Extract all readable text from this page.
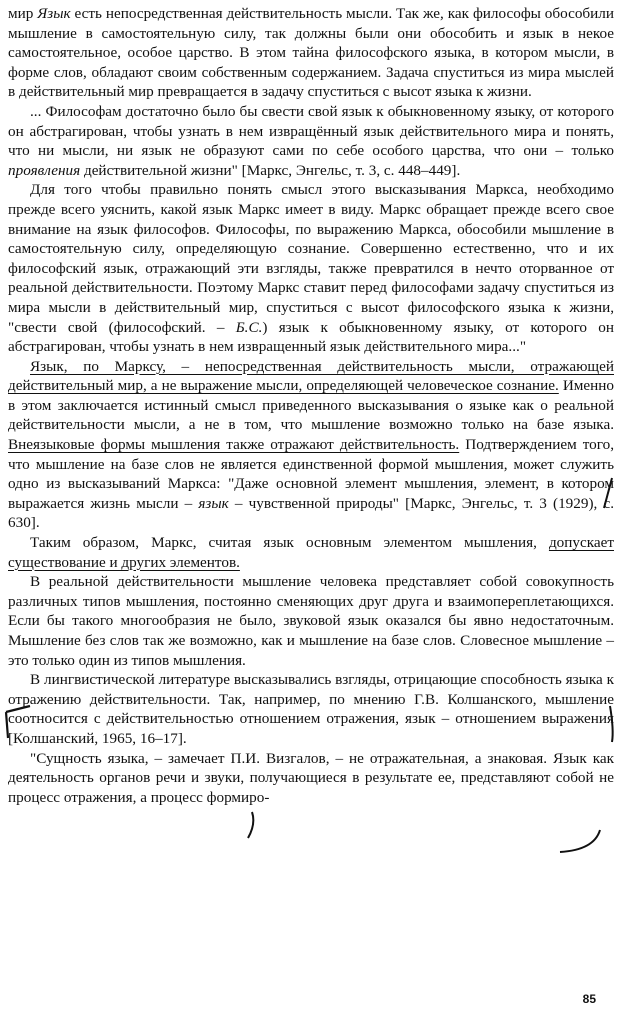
мир Язык есть непосредственная действительность мысли. Так же, как философы обособили мышление в самостоятельную силу, так должны были они обособить и язык в некое самостоятельное, особое царство. В этом тайна философского языка, в котором мысли, в форме слов, обладают своим собственным содержанием. Задача спуститься из мира мыслей в действительный мир превращается в задачу спуститься с высот языка к жизни.

... Философам достаточно было бы свести свой язык к обыкновенному языку, от которого он абстрагирован, чтобы узнать в нем извращённый язык действительного мира и понять, что ни мысли, ни язык не образуют сами по себе особого царства, что они – только проявления действительной жизни" [Маркс, Энгельс, т. 3, с. 448–449].

Для того чтобы правильно понять смысл этого высказывания Маркса, необходимо прежде всего уяснить, какой язык Маркс имеет в виду. Маркс обращает прежде всего свое внимание на язык философов. Философы, по выражению Маркса, обособили мышление в самостоятельную силу, определяющую сознание. Совершенно естественно, что и их философский язык, отражающий эти взгляды, также превратился в нечто оторванное от реальной действительности. Поэтому Маркс ставит перед философами задачу спуститься из мира мысли в действительный мир, спуститься с высот философского языка к жизни, "свести свой (философский. – Б.С.) язык к обыкновенному языку, от которого он абстрагирован, чтобы узнать в нем извращенный язык действительного мира..."

Язык, по Марксу, – непосредственная действительность мысли, отражающей действительный мир, а не выражение мысли, определяющей человеческое сознание. Именно в этом заключается истинный смысл приведенного высказывания о языке как о реальной действительности мысли, а не в том, что мышление возможно только на базе языка. Внеязыковые формы мышления также отражают действительность. Подтверждением того, что мышление на базе слов не является единственной формой мышления, может служить одно из высказываний Маркса: "Даже основной элемент мышления, элемент, в котором выражается жизнь мысли – язык – чувственной природы" [Маркс, Энгельс, т. 3 (1929), с. 630].

Таким образом, Маркс, считая язык основным элементом мышления, допускает существование и других элементов.

В реальной действительности мышление человека представляет собой совокупность различных типов мышления, постоянно сменяющих друг друга и взаимопереплетающихся. Если бы такого многообразия не было, звуковой язык оказался бы явно недостаточным. Мышление без слов так же возможно, как и мышление на базе слов. Словесное мышление – это только один из типов мышления.

В лингвистической литературе высказывались взгляды, отрицающие способность языка к отражению действительности. Так, например, по мнению Г.В. Колшанского, мышление соотносится с действительностью отношением отражения, язык – отношением выражения [Колшанский, 1965, 16–17].

"Сущность языка, – замечает П.И. Визгалов, – не отражательная, а знаковая. Язык как деятельность органов речи и звуки, получающиеся в результате ее, представляют собой не процесс отражения, а процесс формиро-

85
